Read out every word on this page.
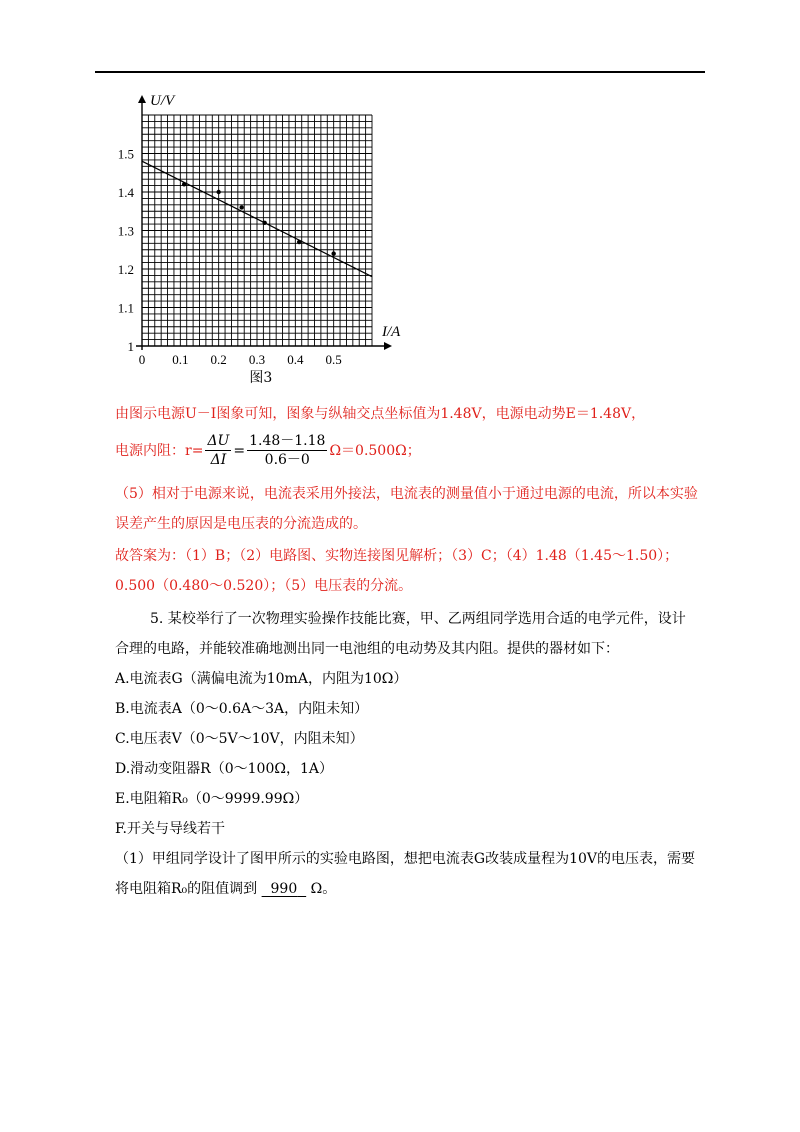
0 0.1 0.2 0.3 0.4 0.5
1
1.1
1.2
1.3
1.4
1.5
U/V
I/A
图3
由图示电源U－I图象可知，图象与纵轴交点坐标值为1.48V，电源电动势E＝1.48V，
电源内阻：$r= \frac{\Delta U}{\Delta I} = \frac{1.48-1.18}{0.6-0} \Omega=0.500\Omega$；
（5）相对于电源来说，电流表采用外接法，电流表的测量值小于通过电源的电流，所以本实验
误差产生的原因是电压表的分流造成的。
故答案为：（1）B；（2）电路图、实物连接图见解析；（3）C；（4）1.48（1.45～1.50）；
0.500（0.480～0.520）；（5）电压表的分流。
5. 某校举行了一次物理实验操作技能比赛，甲、乙两组同学选用合适的电学元件，设计
合理的电路，并能较准确地测出同一电池组的电动势及其内阻。提供的器材如下：
A.电流表G（满偏电流为10mA，内阻为10Ω）
B.电流表A（0～0.6A～3A，内阻未知）
C.电压表V（0～5V～10V，内阻未知）
D.滑动变阻器R（0～100Ω，1A）
E.电阻箱R₀（0～9999.99Ω）
F.开关与导线若干
（1）甲组同学设计了图甲所示的实验电路图，想把电流表G改装成量程为10V的电压表，需要
将电阻箱R₀的阻值调到 990 Ω。
